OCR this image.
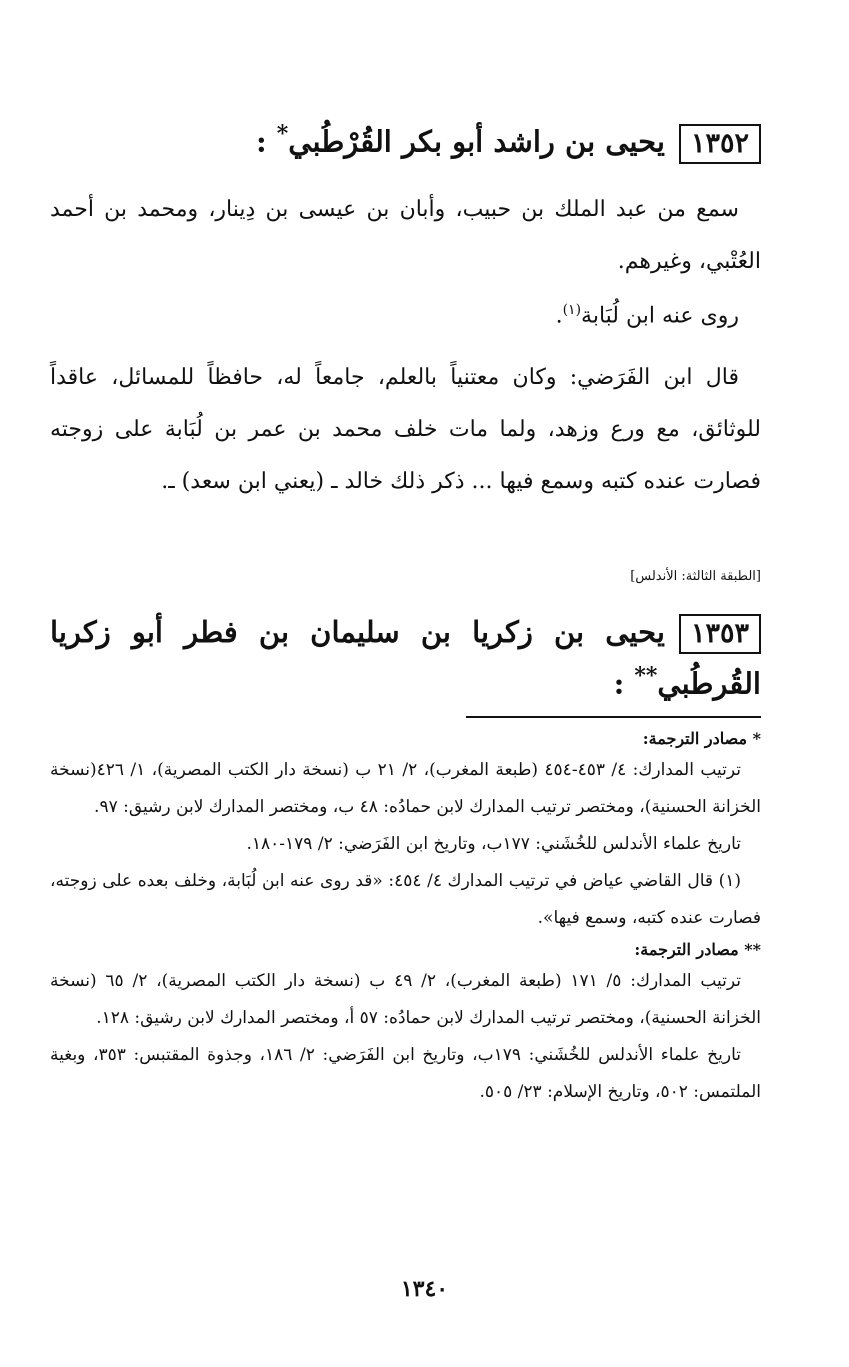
١٣٥٢يحيى بن راشد أبو بكر القُرْطُبي* :

سمع من عبد الملك بن حبيب، وأبان بن عيسى بن دِينار، ومحمد بن أحمد العُتْبي، وغيرهم.

روى عنه ابن لُبَابة$^{(١)}$.

قال ابن الفَرَضي: وكان معتنياً بالعلم، جامعاً له، حافظاً للمسائل، عاقداً للوثائق، مع ورع وزهد، ولما مات خلف محمد بن عمر بن لُبَابة على زوجته فصارت عنده كتبه وسمع فيها ... ذكر ذلك خالد ـ (يعني ابن سعد) ـ.

[الطبقة الثالثة: الأندلس]
١٣٥٣يحيى بن زكريا بن سليمان بن فطر أبو زكريا القُرطُبي** :

* مصادر الترجمة:

ترتيب المدارك: ٤/ ٤٥٣-٤٥٤ (طبعة المغرب)، ٢/ ٢١ ب (نسخة دار الكتب المصرية)، ١/ ٤٢٦(نسخة الخزانة الحسنية)، ومختصر ترتيب المدارك لابن حمادُه: ٤٨ ب، ومختصر المدارك لابن رشيق: ٩٧.

تاريخ علماء الأندلس للخُشَني: ١٧٧ب، وتاريخ ابن الفَرَضي: ٢/ ١٧٩-١٨٠.

(١) قال القاضي عياض في ترتيب المدارك ٤/ ٤٥٤: «قد روى عنه ابن لُبَابة، وخلف بعده على زوجته، فصارت عنده كتبه، وسمع فيها».

** مصادر الترجمة:

ترتيب المدارك: ٥/ ١٧١ (طبعة المغرب)، ٢/ ٤٩ ب (نسخة دار الكتب المصرية)، ٢/ ٦٥ (نسخة الخزانة الحسنية)، ومختصر ترتيب المدارك لابن حمادُه: ٥٧ أ، ومختصر المدارك لابن رشيق: ١٢٨.

تاريخ علماء الأندلس للخُشَني: ١٧٩ب، وتاريخ ابن الفَرَضي: ٢/ ١٨٦، وجذوة المقتبس: ٣٥٣، وبغية الملتمس: ٥٠٢، وتاريخ الإسلام: ٢٣/ ٥٠٥.

١٣٤٠
